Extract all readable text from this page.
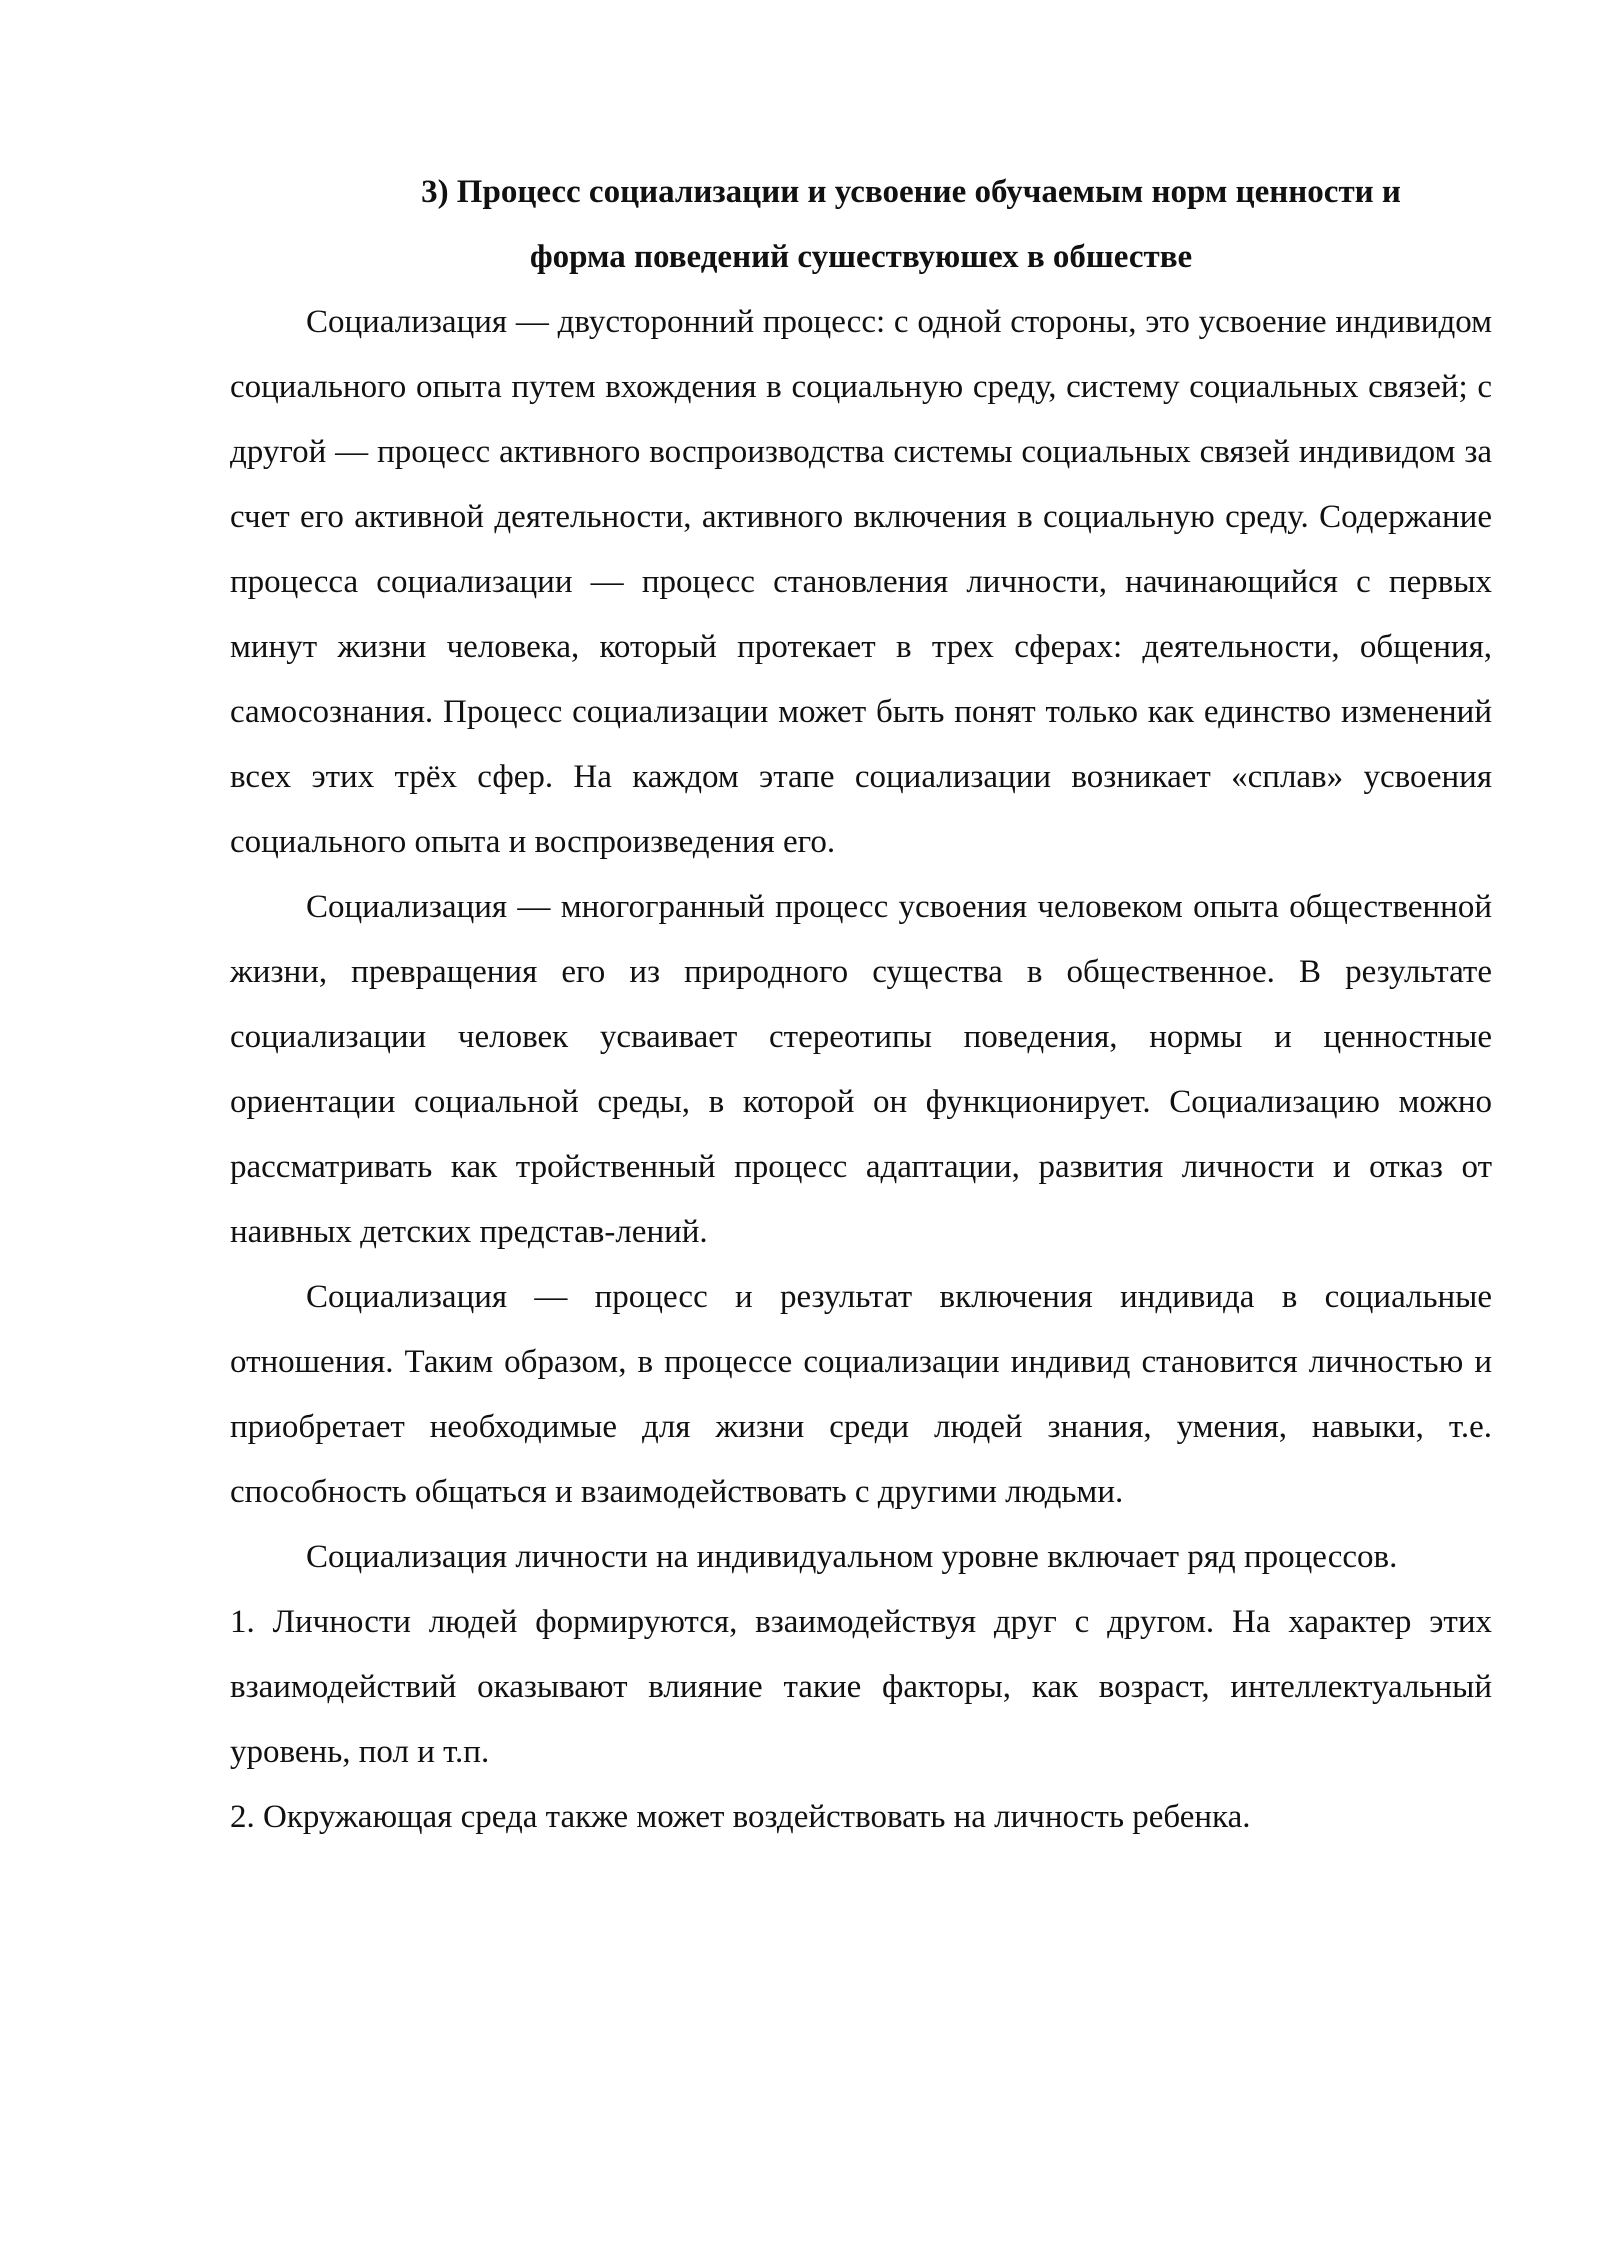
3) Процесс социализации и усвоение обучаемым норм ценности и
форма поведений сушествуюшех в обшестве

Социализация — двусторонний процесс: с одной стороны, это усвоение индивидом социального опыта путем вхождения в социальную среду, систему социальных связей; с другой — процесс активного воспроизводства системы социальных связей индивидом за счет его активной деятельности, активного включения в социальную среду. Содержание процесса социализации — процесс становления личности, начинающийся с первых минут жизни человека, который протекает в трех сферах: деятельности, общения, самосознания. Процесс социализации может быть понят только как единство изменений всех этих трёх сфер. На каждом этапе социализации возникает «сплав» усвоения социального опыта и воспроизведения его.

Социализация — многогранный процесс усвоения человеком опыта общественной жизни, превращения его из природного существа в общественное. В результате социализации человек усваивает стереотипы поведения, нормы и ценностные ориентации социальной среды, в которой он функционирует. Социализацию можно рассматривать как тройственный процесс адаптации, развития личности и отказ от наивных детских представ-лений.

Социализация — процесс и результат включения индивида в социальные отношения. Таким образом, в процессе социализации индивид становится личностью и приобретает необходимые для жизни среди людей знания, умения, навыки, т.е. способность общаться и взаимодействовать с другими людьми.

Социализация личности на индивидуальном уровне включает ряд процессов.

1. Личности людей формируются, взаимодействуя друг с другом. На характер этих взаимодействий оказывают влияние такие факторы, как возраст, интеллектуальный уровень, пол и т.п.

2. Окружающая среда также может воздействовать на личность ребенка.
